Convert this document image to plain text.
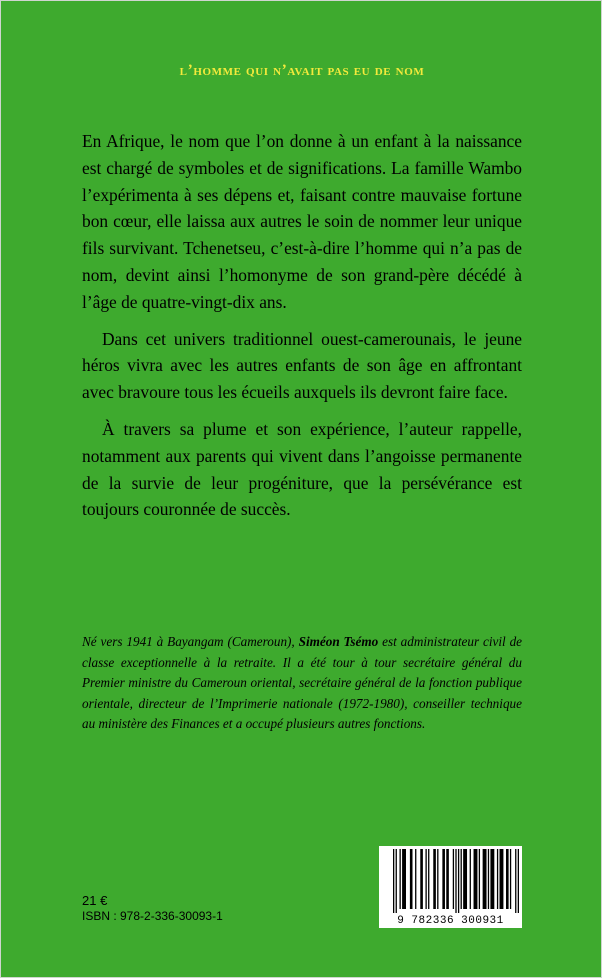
l’homme qui n’avait pas eu de nom

En Afrique, le nom que l’on donne à un enfant à la naissance est chargé de symboles et de significations. La famille Wambo l’expérimenta à ses dépens et, faisant contre mauvaise fortune bon cœur, elle laissa aux autres le soin de nommer leur unique fils survivant. Tchenetseu, c’est-à-dire l’homme qui n’a pas de nom, devint ainsi l’homonyme de son grand-père décédé à l’âge de quatre-vingt-dix ans.

Dans cet univers traditionnel ouest-camerounais, le jeune héros vivra avec les autres enfants de son âge en affrontant avec bravoure tous les écueils auxquels ils devront faire face.

À travers sa plume et son expérience, l’auteur rappelle, notamment aux parents qui vivent dans l’angoisse permanente de la survie de leur progéniture, que la persévérance est toujours couronnée de succès.

Né vers 1941 à Bayangam (Cameroun), Siméon Tsémo est administrateur civil de classe exceptionnelle à la retraite. Il a été tour à tour secrétaire général du Premier ministre du Cameroun oriental, secrétaire général de la fonction publique orientale, directeur de l’Imprimerie nationale (1972-1980), conseiller technique au ministère des Finances et a occupé plusieurs autres fonctions.
21 €
ISBN : 978-2-336-30093-1	9 782336 300931
